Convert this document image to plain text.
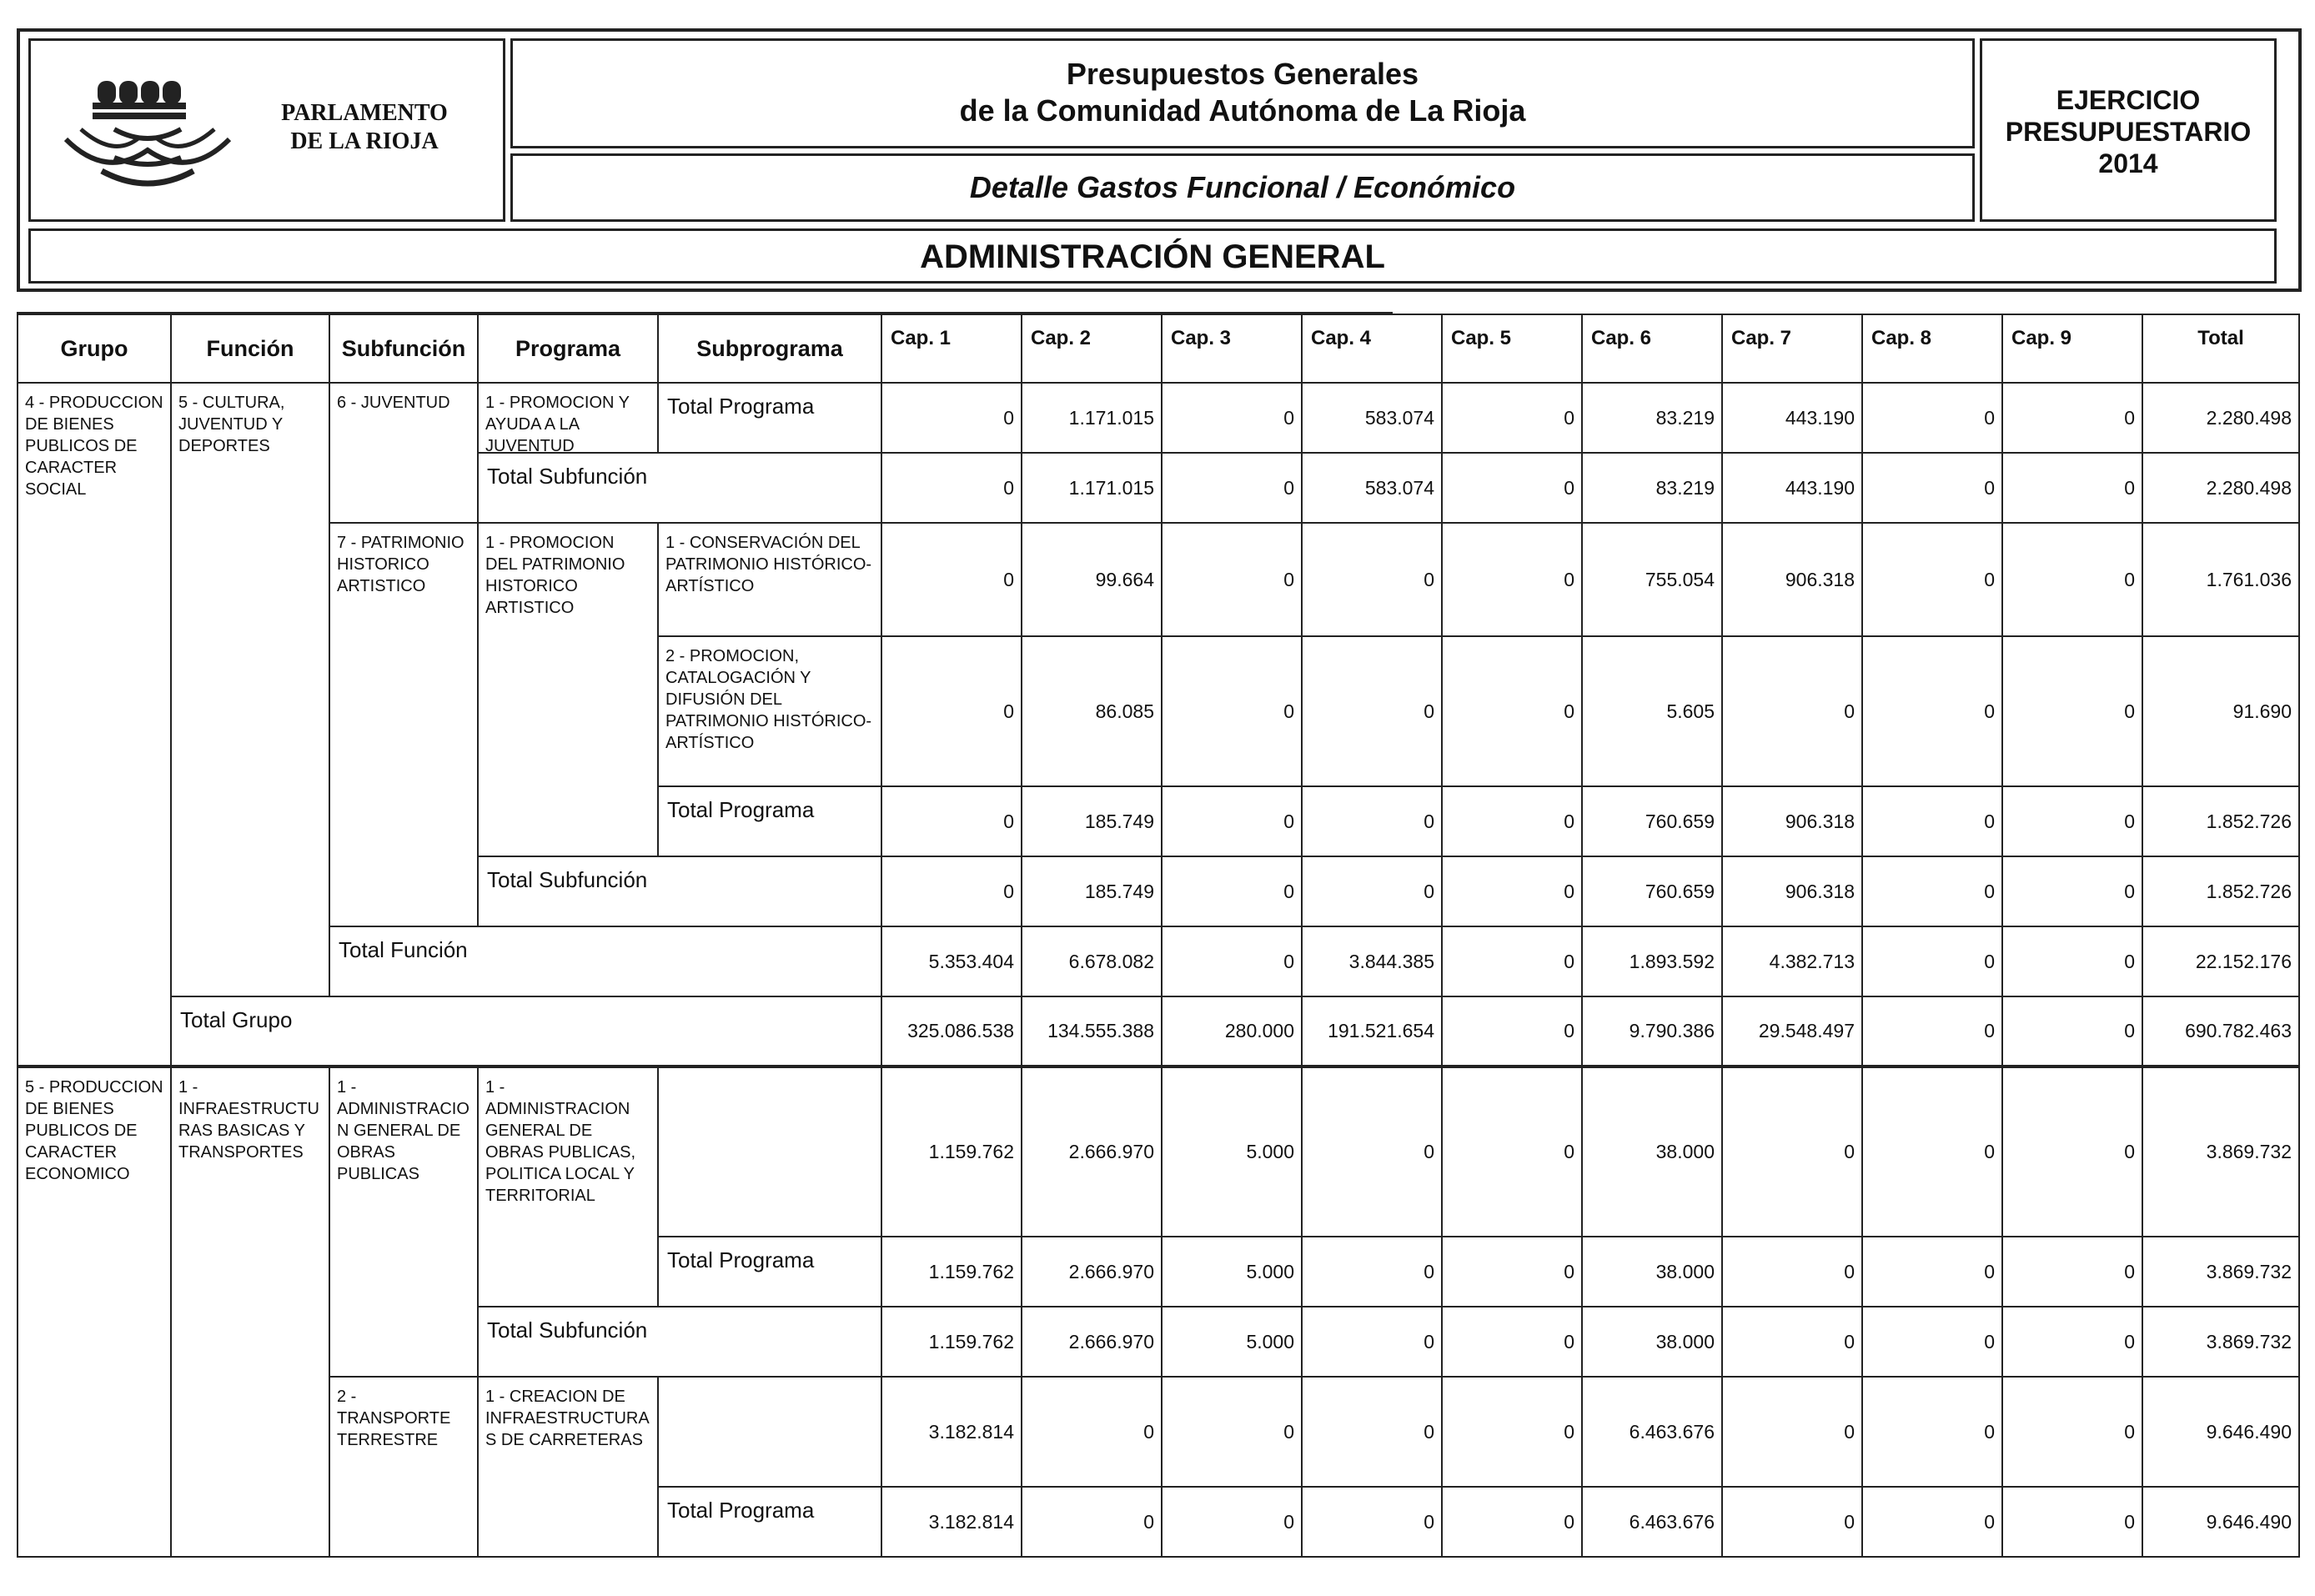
PARLAMENTO
DE LA RIOJA
Presupuestos Generales
de la Comunidad Autónoma de La Rioja
Detalle Gastos Funcional / Económico
EJERCICIO
PRESUPUESTARIO
2014
ADMINISTRACIÓN GENERAL
Grupo	Función	Subfunción	Programa	Subprograma	Cap. 1	Cap. 2	Cap. 3	Cap. 4	Cap. 5	Cap. 6	Cap. 7	Cap. 8	Cap. 9	Total
4 - PRODUCCION DE BIENES PUBLICOS DE CARACTER SOCIAL	5 - CULTURA, JUVENTUD Y DEPORTES	6 - JUVENTUD	1 - PROMOCION Y AYUDA A LA JUVENTUD	Total Programa	0	1.171.015	0	583.074	0	83.219	443.190	0	0	2.280.498
			Total Subfunción		0	1.171.015	0	583.074	0	83.219	443.190	0	0	2.280.498
		7 - PATRIMONIO HISTORICO ARTISTICO	1 - PROMOCION DEL PATRIMONIO HISTORICO ARTISTICO	1 - CONSERVACIÓN DEL PATRIMONIO HISTÓRICO-ARTÍSTICO	0	99.664	0	0	0	755.054	906.318	0	0	1.761.036
				2 - PROMOCION, CATALOGACIÓN Y DIFUSIÓN DEL PATRIMONIO HISTÓRICO-ARTÍSTICO	0	86.085	0	0	0	5.605	0	0	0	91.690
				Total Programa	0	185.749	0	0	0	760.659	906.318	0	0	1.852.726
			Total Subfunción		0	185.749	0	0	0	760.659	906.318	0	0	1.852.726
		Total Función			5.353.404	6.678.082	0	3.844.385	0	1.893.592	4.382.713	0	0	22.152.176
	Total Grupo				325.086.538	134.555.388	280.000	191.521.654	0	9.790.386	29.548.497	0	0	690.782.463
5 - PRODUCCION DE BIENES PUBLICOS DE CARACTER ECONOMICO	1 - INFRAESTRUCTURAS BASICAS Y TRANSPORTES	1 - ADMINISTRACION GENERAL DE OBRAS PUBLICAS	1 - ADMINISTRACION GENERAL DE OBRAS PUBLICAS, POLITICA LOCAL Y TERRITORIAL		1.159.762	2.666.970	5.000	0	0	38.000	0	0	0	3.869.732
				Total Programa	1.159.762	2.666.970	5.000	0	0	38.000	0	0	0	3.869.732
			Total Subfunción		1.159.762	2.666.970	5.000	0	0	38.000	0	0	0	3.869.732
		2 - TRANSPORTE TERRESTRE	1 - CREACION DE INFRAESTRUCTURAS DE CARRETERAS		3.182.814	0	0	0	0	6.463.676	0	0	0	9.646.490
				Total Programa	3.182.814	0	0	0	0	6.463.676	0	0	0	9.646.490
